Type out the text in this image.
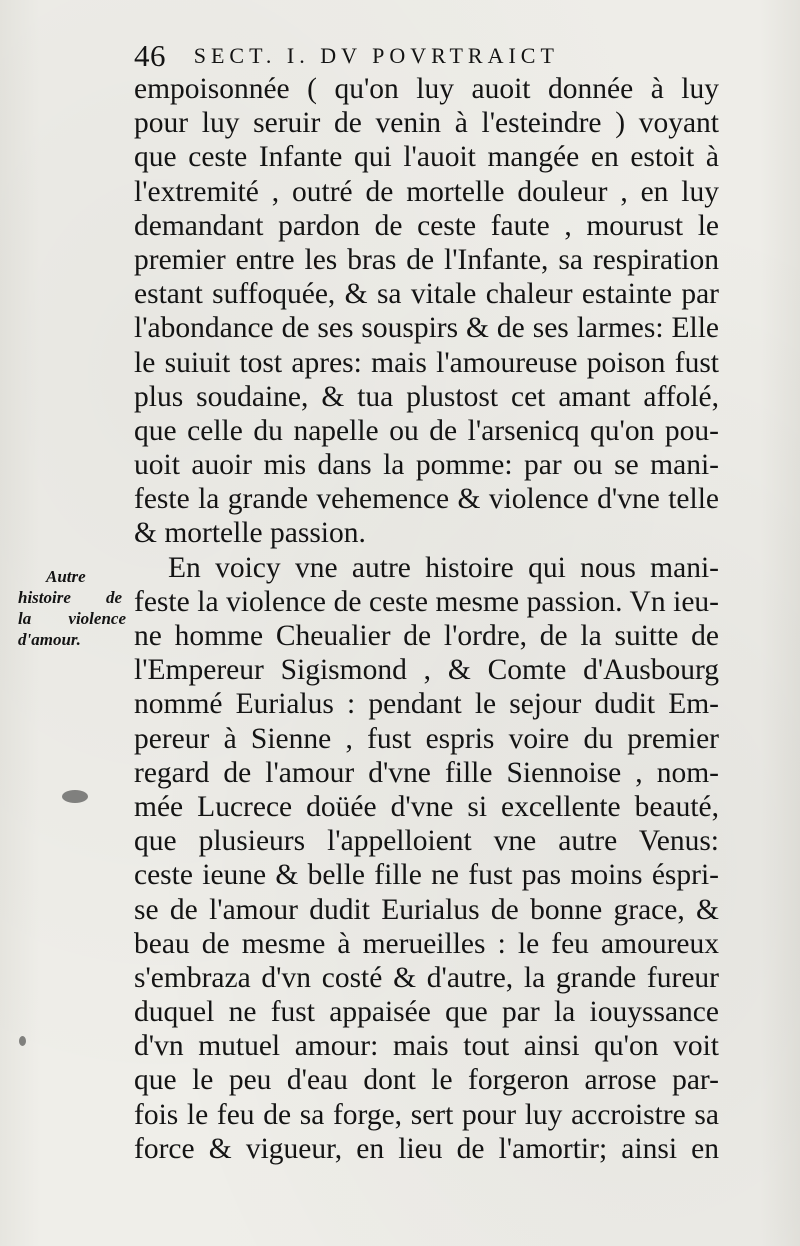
46 SECT. I. DV POVRTRAICT
Autre
histoire de
la violence
d'amour.
empoisonnée ( qu'on luy auoit donnée à luy
pour luy seruir de venin à l'esteindre ) voyant
que ceste Infante qui l'auoit mangée en estoit à
l'extremité , outré de mortelle douleur , en luy
demandant pardon de ceste faute , mourust le
premier entre les bras de l'Infante, sa respiration
estant suffoquée, & sa vitale chaleur estainte par
l'abondance de ses souspirs & de ses larmes: Elle
le suiuit tost apres: mais l'amoureuse poison fust
plus soudaine, & tua plustost cet amant affolé,
que celle du napelle ou de l'arsenicq qu'on pou-
uoit auoir mis dans la pomme: par ou se mani-
feste la grande vehemence & violence d'vne telle
& mortelle passion.
En voicy vne autre histoire qui nous mani-
feste la violence de ceste mesme passion. Vn ieu-
ne homme Cheualier de l'ordre, de la suitte de
l'Empereur Sigismond , & Comte d'Ausbourg
nommé Eurialus : pendant le sejour dudit Em-
pereur à Sienne , fust espris voire du premier
regard de l'amour d'vne fille Siennoise , nom-
mée Lucrece doüée d'vne si excellente beauté,
que plusieurs l'appelloient vne autre Venus:
ceste ieune & belle fille ne fust pas moins éspri-
se de l'amour dudit Eurialus de bonne grace, &
beau de mesme à merueilles : le feu amoureux
s'embraza d'vn costé & d'autre, la grande fureur
duquel ne fust appaisée que par la iouyssance
d'vn mutuel amour: mais tout ainsi qu'on voit
que le peu d'eau dont le forgeron arrose par-
fois le feu de sa forge, sert pour luy accroistre sa
force & vigueur, en lieu de l'amortir; ainsi en
